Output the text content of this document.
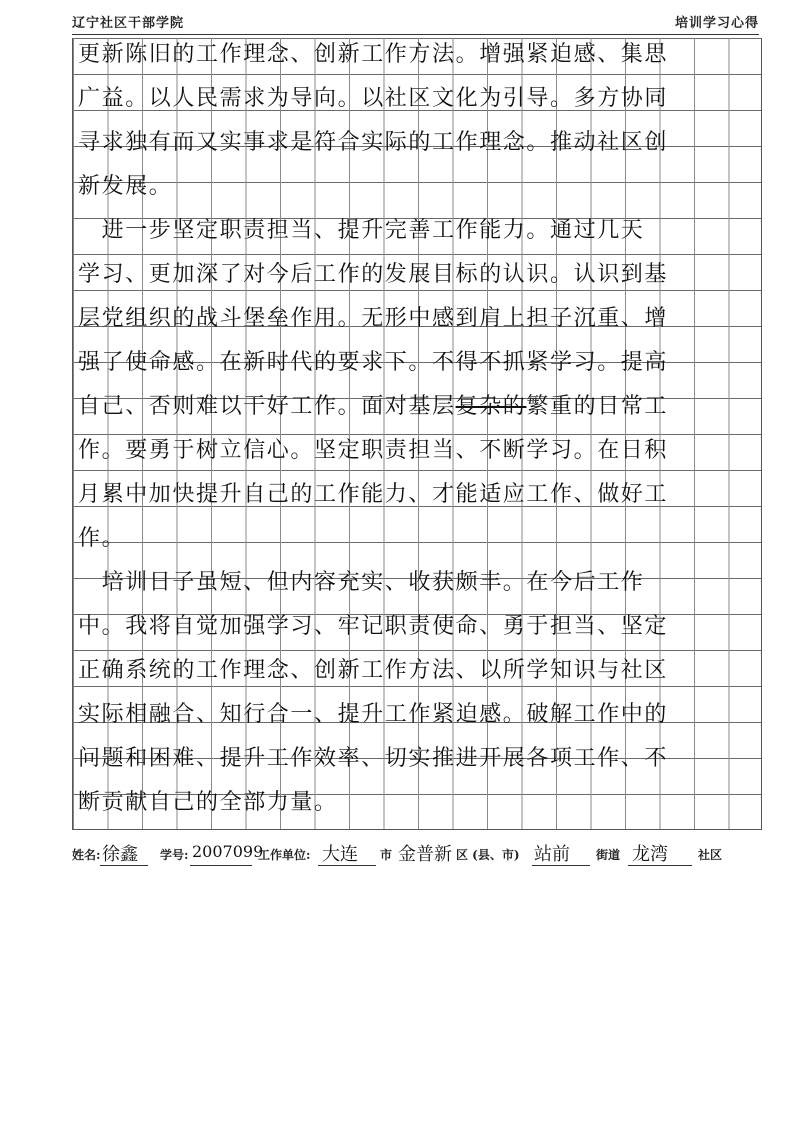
辽宁社区干部学院	培训学习心得
更新陈旧的工作理念、创新工作方法。增强紧迫感、集思
广益。以人民需求为导向。以社区文化为引导。多方协同
寻求独有而又实事求是符合实际的工作理念。推动社区创
新发展。
　进一步坚定职责担当、提升完善工作能力。通过几天
学习、更加深了对今后工作的发展目标的认识。认识到基
层党组织的战斗堡垒作用。无形中感到肩上担子沉重、增
强了使命感。在新时代的要求下。不得不抓紧学习。提高
自己、否则难以干好工作。面对基层复杂的繁重的日常工
作。要勇于树立信心。坚定职责担当、不断学习。在日积
月累中加快提升自己的工作能力、才能适应工作、做好工
作。
　培训日子虽短、但内容充实、收获颇丰。在今后工作
中。我将自觉加强学习、牢记职责使命、勇于担当、坚定
正确系统的工作理念、创新工作方法、以所学知识与社区
实际相融合、知行合一、提升工作紧迫感。破解工作中的
问题和困难、提升工作效率、切实推进开展各项工作、不
断贡献自己的全部力量。
姓名: 徐鑫 学号: 2007099
工作单位: 大连 市 金普新 区 (县、市) 站前 街道 龙湾	社区
